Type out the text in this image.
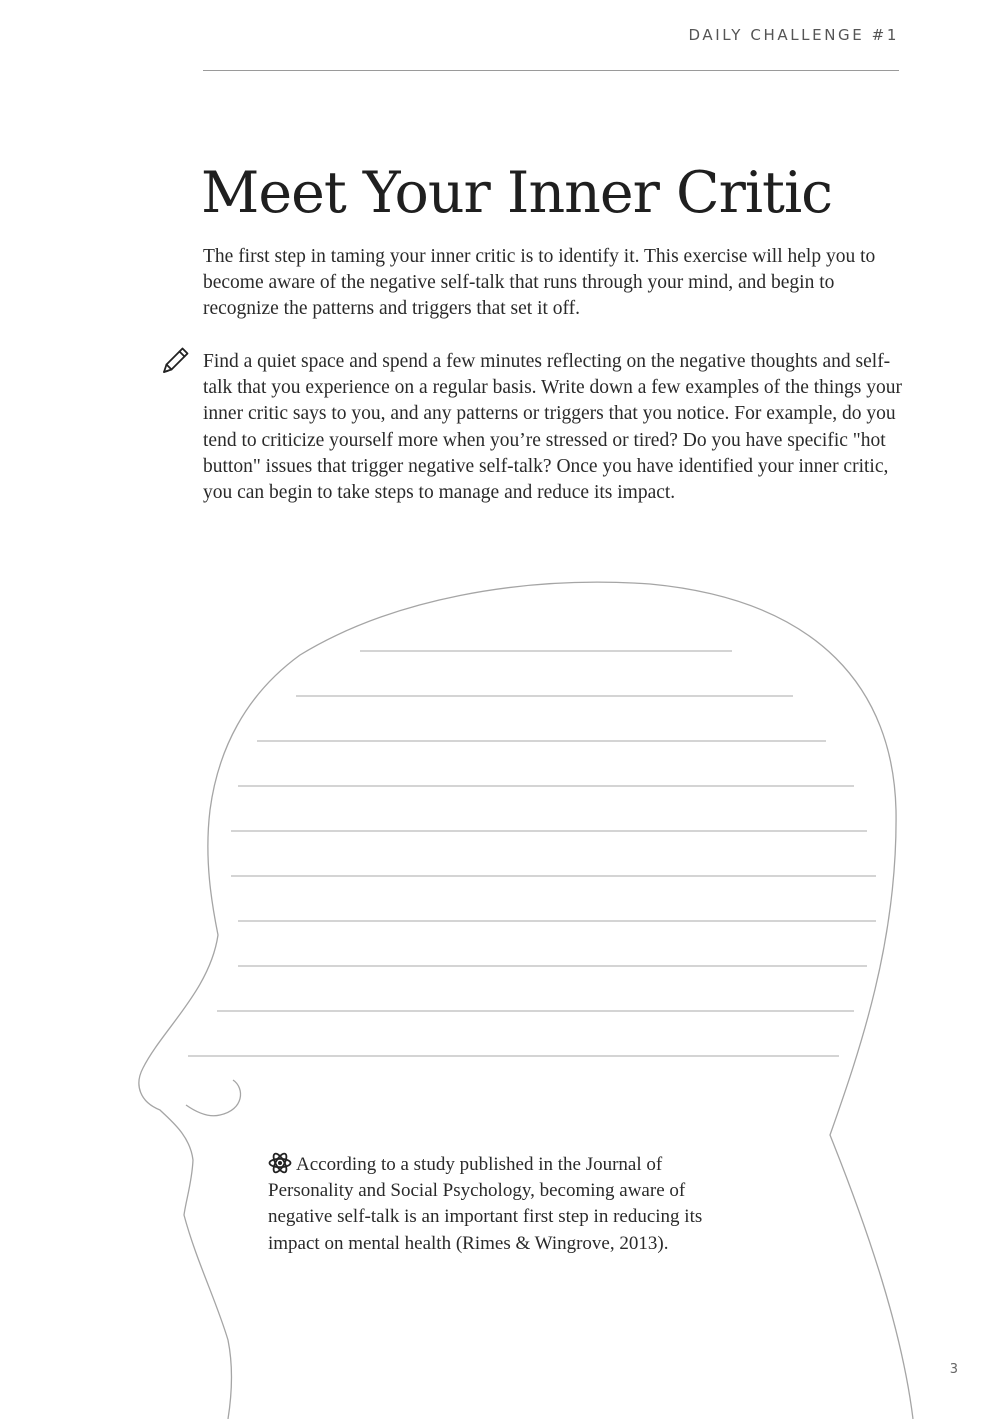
DAILY CHALLENGE #1
Meet Your Inner Critic

The first step in taming your inner critic is to identify it. This exercise will help you to become aware of the negative self-talk that runs through your mind, and begin to recognize the patterns and triggers that set it off.

Find a quiet space and spend a few minutes reflecting on the negative thoughts and self-talk that you experience on a regular basis. Write down a few examples of the things your inner critic says to you, and any patterns or triggers that you notice. For example, do you tend to criticize yourself more when you’re stressed or tired? Do you have specific "hot button" issues that trigger negative self-talk? Once you have identified your inner critic, you can begin to take steps to manage and reduce its impact.

According to a study published in the Journal of Personality and Social Psychology, becoming aware of negative self-talk is an important first step in reducing its impact on mental health (Rimes & Wingrove, 2013).

3
